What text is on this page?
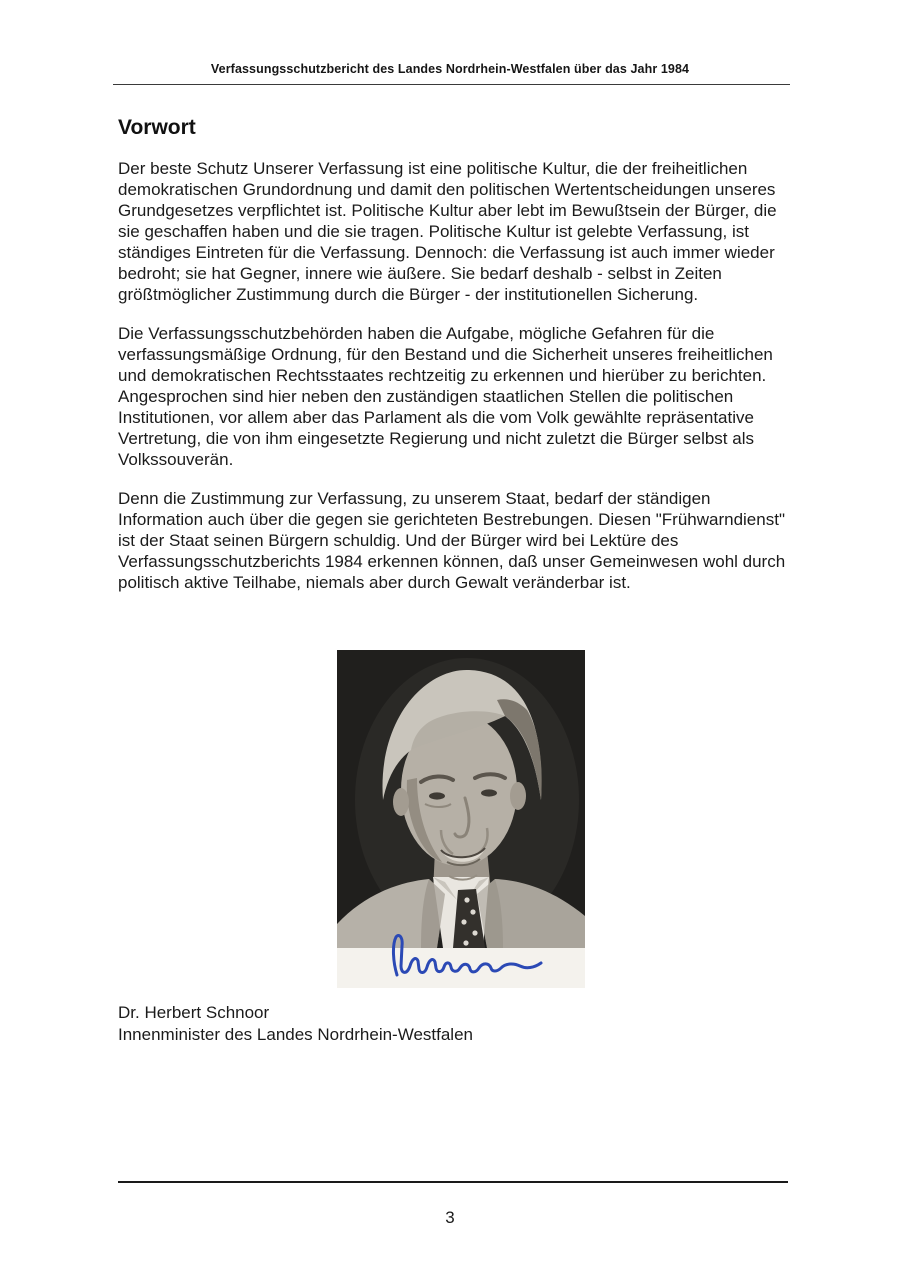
Verfassungsschutzbericht des Landes Nordrhein-Westfalen über das Jahr 1984
Vorwort

Der beste Schutz Unserer Verfassung ist eine politische Kultur, die der freiheitlichen demokratischen Grundordnung und damit den politischen Wertentscheidungen unseres Grundgesetzes verpflichtet ist. Politische Kultur aber lebt im Bewußtsein der Bürger, die sie geschaffen haben und die sie tragen. Politische Kultur ist gelebte Verfassung, ist ständiges Eintreten für die Verfassung. Dennoch: die Verfassung ist auch immer wieder bedroht; sie hat Gegner, innere wie äußere. Sie bedarf deshalb - selbst in Zeiten größtmöglicher Zustimmung durch die Bürger - der institutionellen Sicherung.

Die Verfassungsschutzbehörden haben die Aufgabe, mögliche Gefahren für die verfassungsmäßige Ordnung, für den Bestand und die Sicherheit unseres freiheitlichen und demokratischen Rechtsstaates rechtzeitig zu erkennen und hierüber zu berichten. Angesprochen sind hier neben den zuständigen staatlichen Stellen die politischen Institutionen, vor allem aber das Parlament als die vom Volk gewählte repräsentative Vertretung, die von ihm eingesetzte Regierung und nicht zuletzt die Bürger selbst als Volkssouverän.

Denn die Zustimmung zur Verfassung, zu unserem Staat, bedarf der ständigen Information auch über die gegen sie gerichteten Bestrebungen. Diesen "Frühwarndienst" ist der Staat seinen Bürgern schuldig. Und der Bürger wird bei Lektüre des Verfassungsschutzberichts 1984 erkennen können, daß unser Gemeinwesen wohl durch politisch aktive Teilhabe, niemals aber durch Gewalt veränderbar ist.

Dr. Herbert Schnoor
Innenminister des Landes Nordrhein-Westfalen
3
